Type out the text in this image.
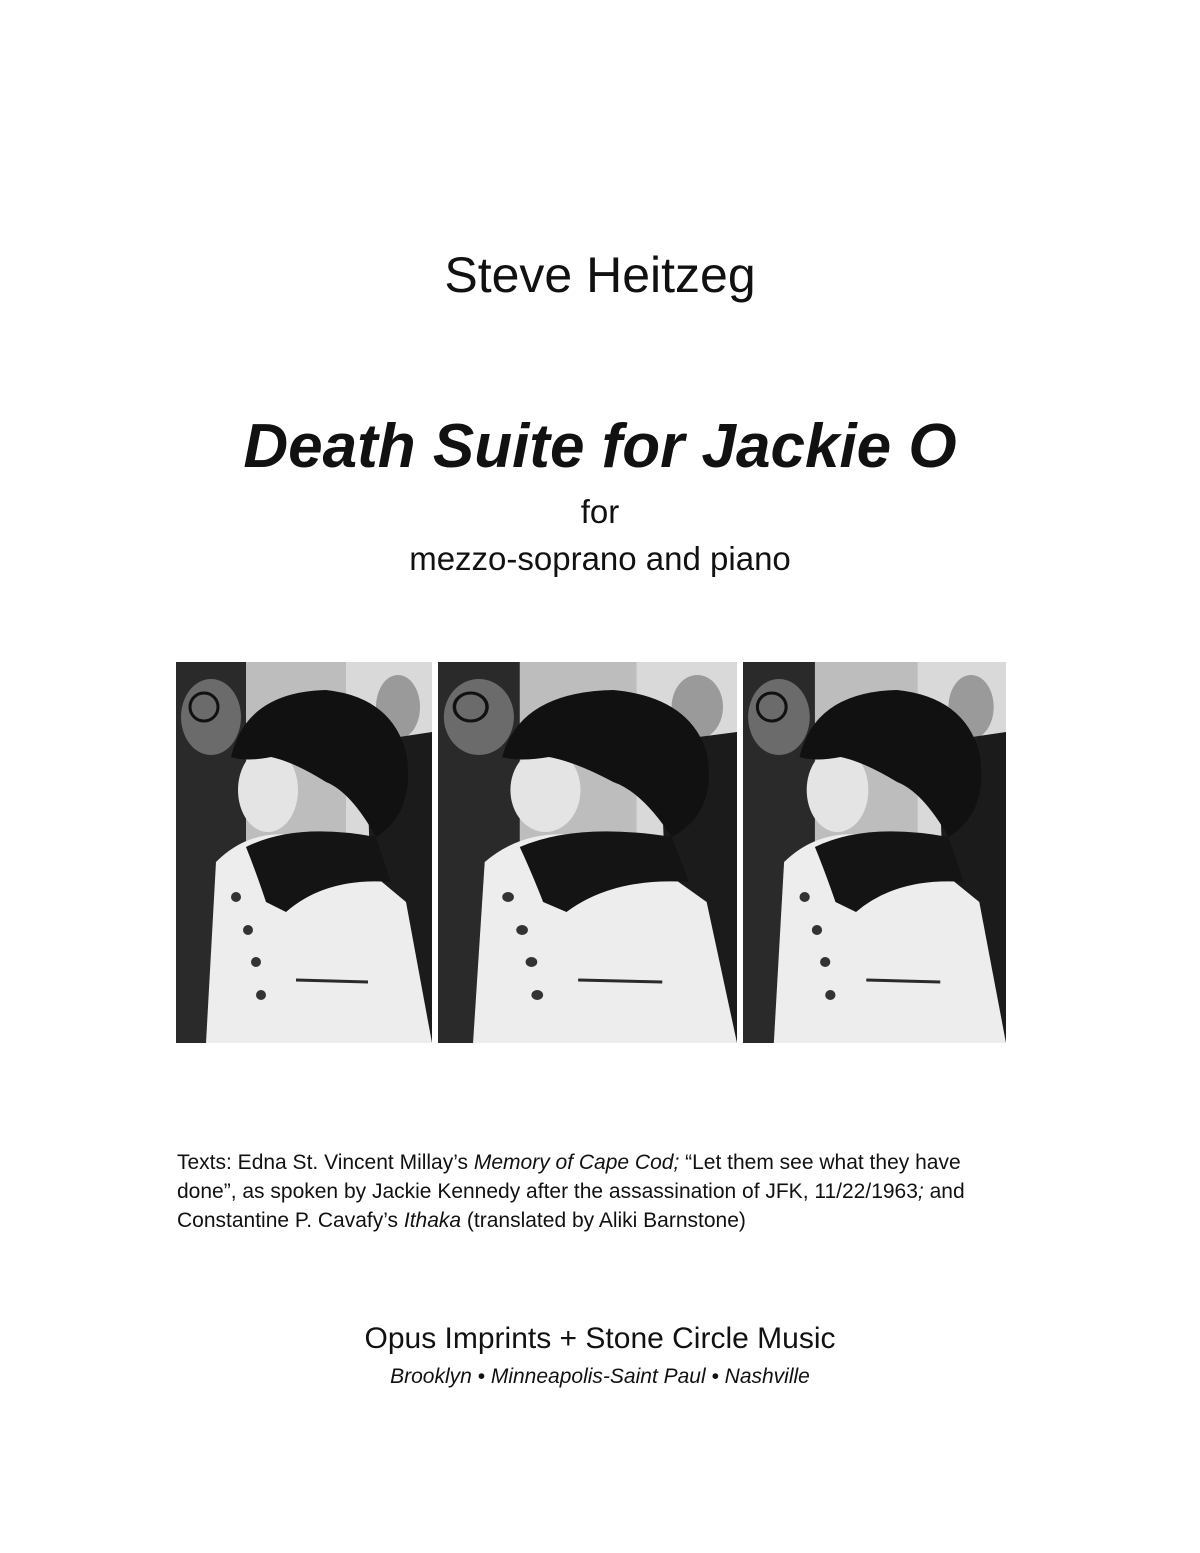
Steve Heitzeg
Death Suite for Jackie O
for
mezzo-soprano and piano
Texts: Edna St. Vincent Millay’s Memory of Cape Cod; “Let them see what they have done”, as spoken by Jackie Kennedy after the assassination of JFK, 11/22/1963; and Constantine P. Cavafy’s Ithaka (translated by Aliki Barnstone)
Opus Imprints + Stone Circle Music
Brooklyn • Minneapolis-Saint Paul • Nashville
